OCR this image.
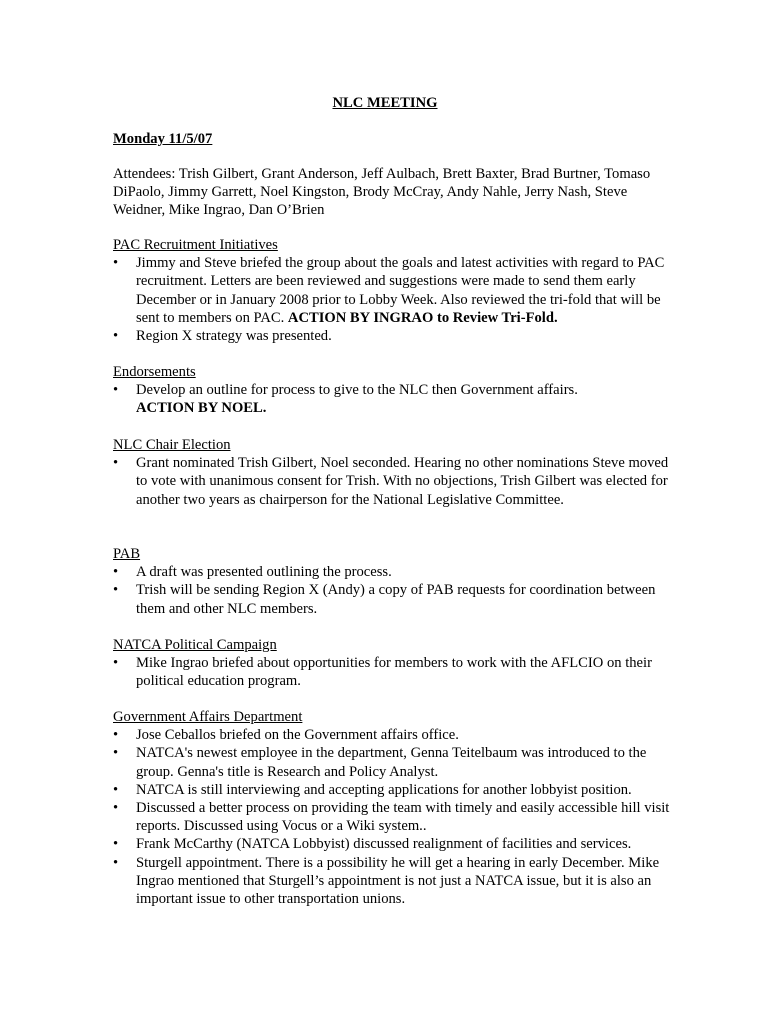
NLC MEETING
Monday 11/5/07
Attendees: Trish Gilbert, Grant Anderson, Jeff Aulbach, Brett Baxter, Brad Burtner, Tomaso DiPaolo, Jimmy Garrett, Noel Kingston, Brody McCray, Andy Nahle, Jerry Nash, Steve Weidner, Mike Ingrao, Dan O’Brien
PAC Recruitment Initiatives
•	Jimmy and Steve briefed the group about the goals and latest activities with regard to PAC recruitment. Letters are been reviewed and suggestions were made to send them early December or in January 2008 prior to Lobby Week. Also reviewed the tri-fold that will be sent to members on PAC. ACTION BY INGRAO to Review Tri-Fold.
•	Region X strategy was presented.
Endorsements
•	Develop an outline for process to give to the NLC then Government affairs.
ACTION BY NOEL.
NLC Chair Election
•	Grant nominated Trish Gilbert, Noel seconded. Hearing no other nominations Steve moved to vote with unanimous consent for Trish. With no objections, Trish Gilbert was elected for another two years as chairperson for the National Legislative Committee.
PAB
•	A draft was presented outlining the process.
•	Trish will be sending Region X (Andy) a copy of PAB requests for coordination between them and other NLC members.
NATCA Political Campaign
•	Mike Ingrao briefed about opportunities for members to work with the AFLCIO on their political education program.
Government Affairs Department
•	Jose Ceballos briefed on the Government affairs office.
•	NATCA's newest employee in the department, Genna Teitelbaum was introduced to the group. Genna's title is Research and Policy Analyst.
•	NATCA is still interviewing and accepting applications for another lobbyist position.
•	Discussed a better process on providing the team with timely and easily accessible hill visit reports. Discussed using Vocus or a Wiki system..
•	Frank McCarthy (NATCA Lobbyist) discussed realignment of facilities and services.
•	Sturgell appointment. There is a possibility he will get a hearing in early December. Mike Ingrao mentioned that Sturgell’s appointment is not just a NATCA issue, but it is also an important issue to other transportation unions.
